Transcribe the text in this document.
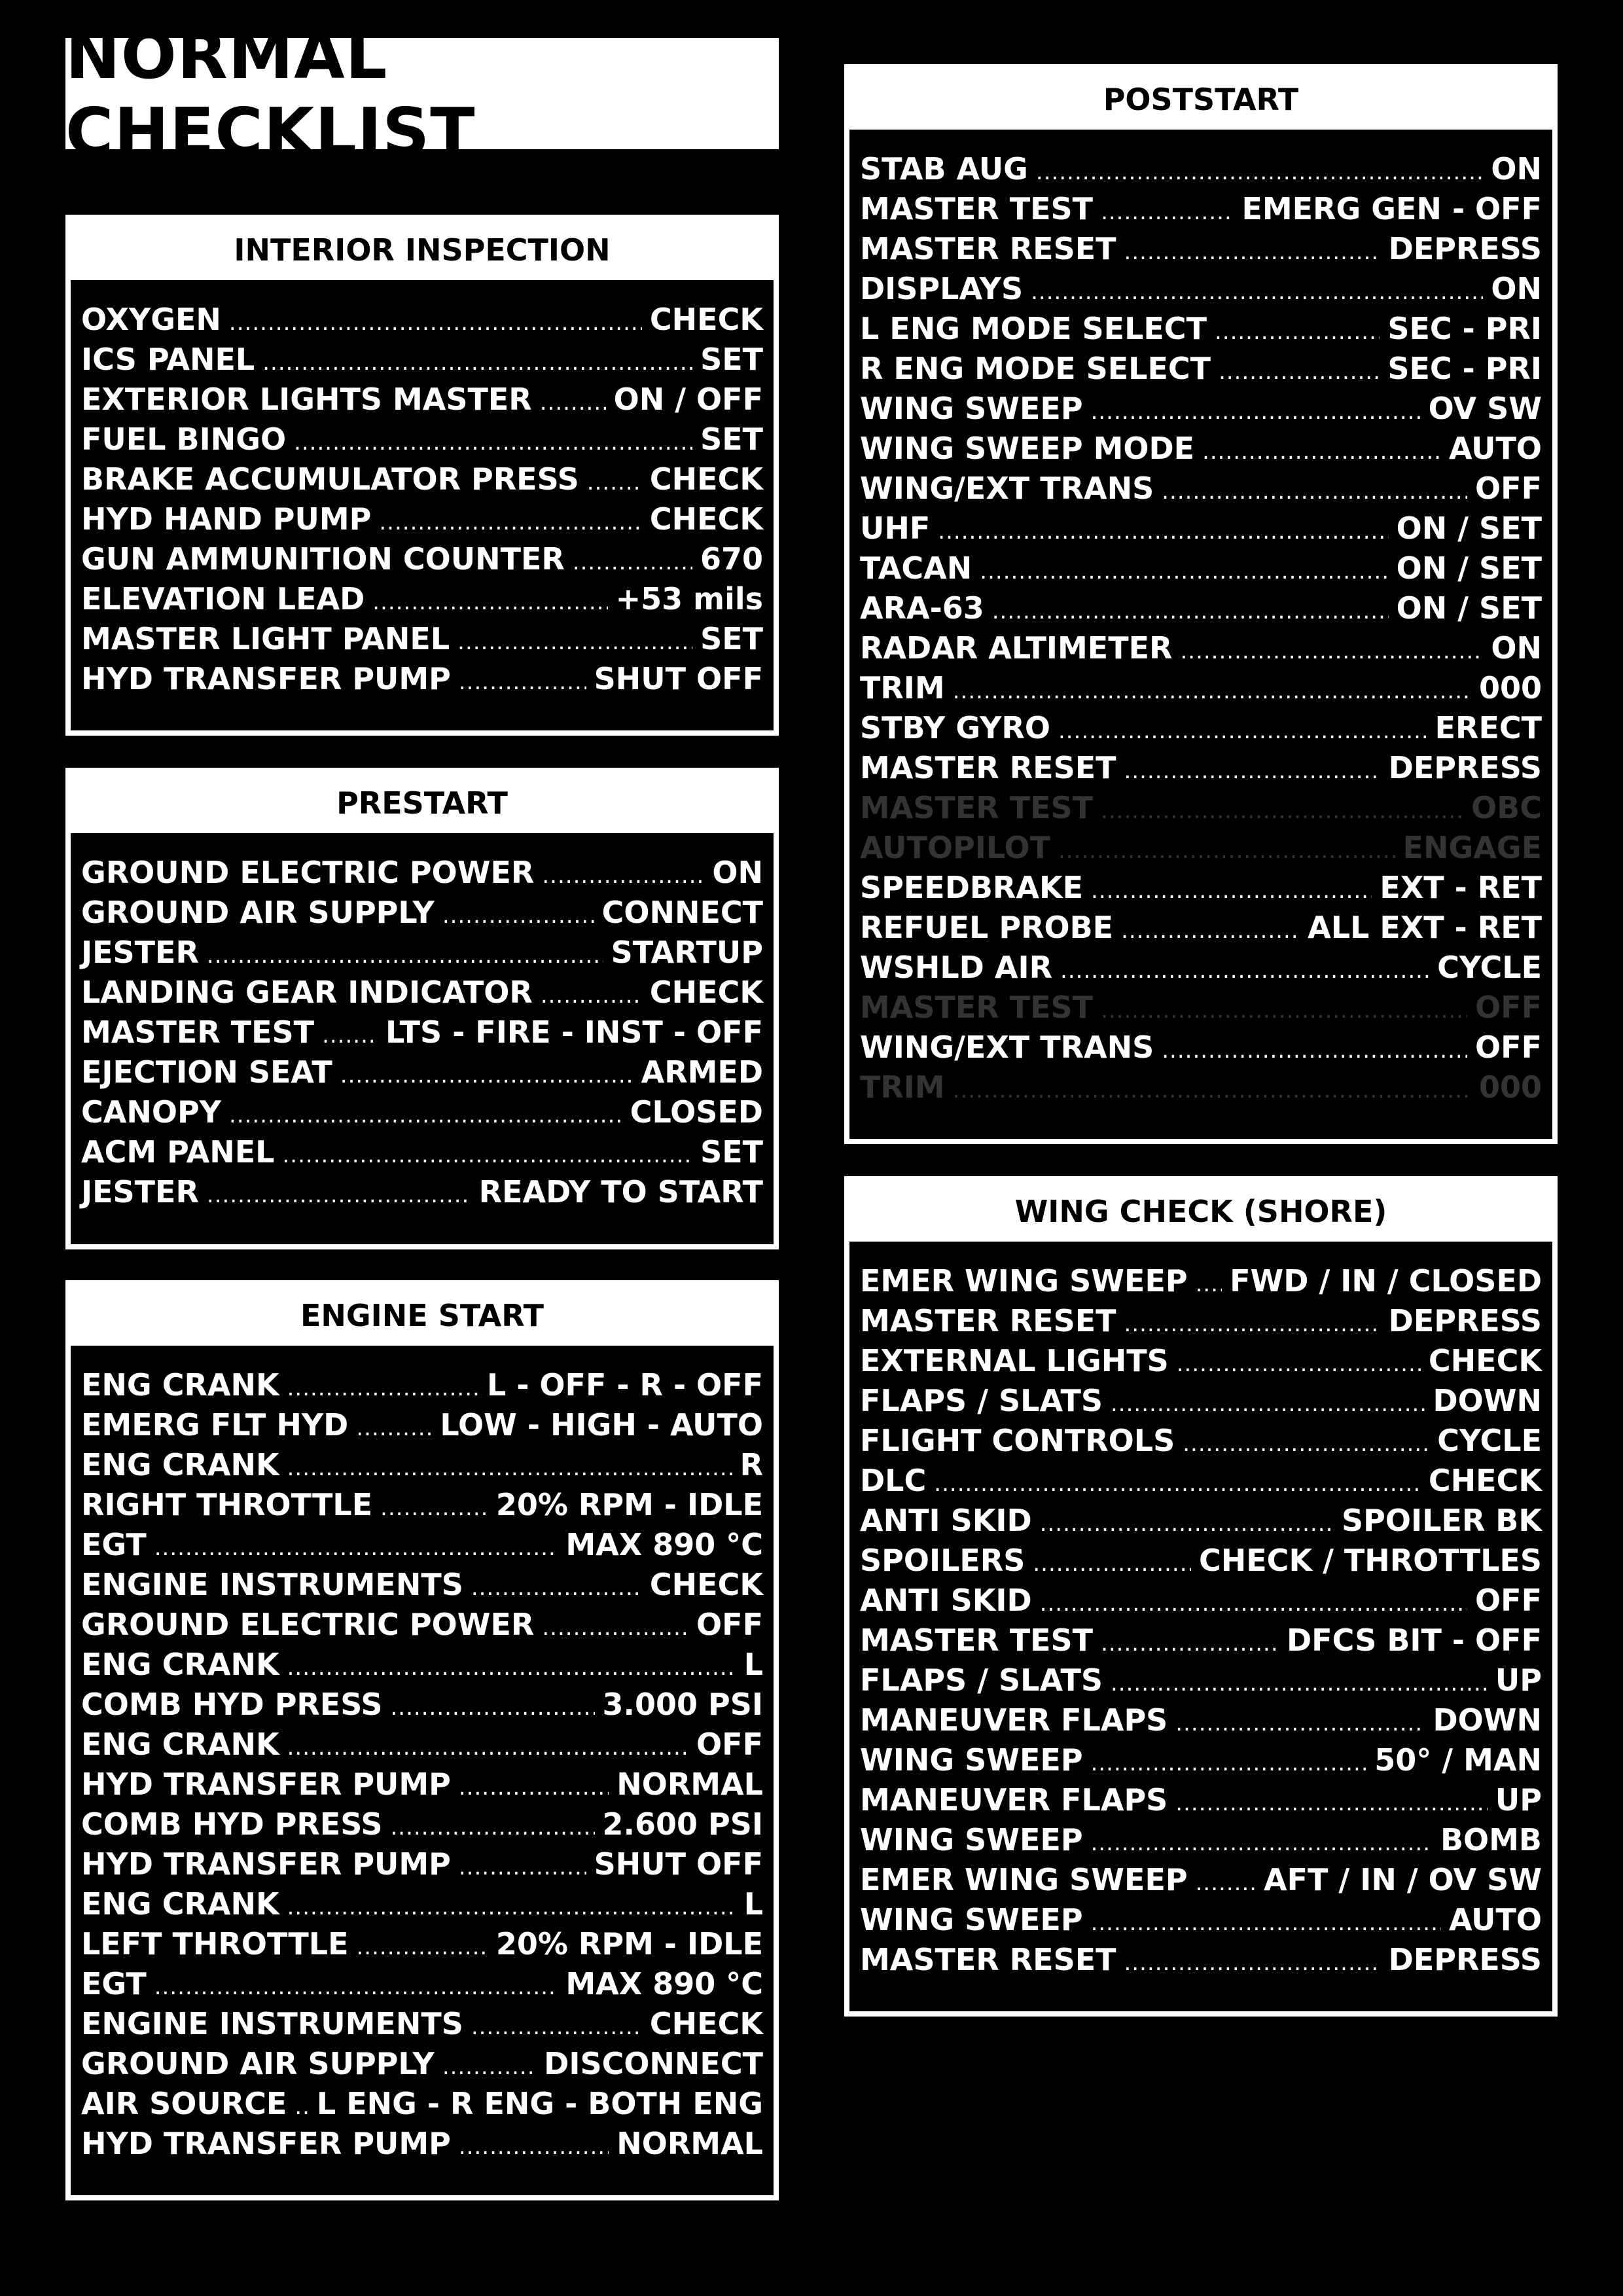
NORMAL CHECKLIST
INTERIOR INSPECTION
OXYGEN .....	CHECK
ICS PANEL .....	SET
EXTERIOR LIGHTS MASTER .....	ON / OFF
FUEL BINGO .....	SET
BRAKE ACCUMULATOR PRESS ..... CHECK
HYD HAND PUMP .....	CHECK
GUN AMMUNITION COUNTER .....	670
ELEVATION LEAD .....	+53 mils
MASTER LIGHT PANEL .....	SET
HYD TRANSFER PUMP .....	SHUT OFF
PRESTART
GROUND ELECTRIC POWER .....	ON
GROUND AIR SUPPLY .....	CONNECT
JESTER .....	STARTUP
LANDING GEAR INDICATOR .....	CHECK
MASTER TEST ..... LTS - FIRE - INST - OFF
EJECTION SEAT .....	ARMED
CANOPY .....	CLOSED
ACM PANEL .....	SET
JESTER .....	READY TO START
ENGINE START
ENG CRANK .....	L - OFF - R - OFF
EMERG FLT HYD .....	LOW - HIGH - AUTO
ENG CRANK .....	R
RIGHT THROTTLE .....	20% RPM - IDLE
EGT .....	MAX 890 °C
ENGINE INSTRUMENTS .....	CHECK
GROUND ELECTRIC POWER .....	OFF
ENG CRANK .....	L
COMB HYD PRESS .....	3.000 PSI
ENG CRANK .....	OFF
HYD TRANSFER PUMP .....	NORMAL
COMB HYD PRESS .....	2.600 PSI
HYD TRANSFER PUMP .....	SHUT OFF
ENG CRANK .....	L
LEFT THROTTLE .....	20% RPM - IDLE
EGT .....	MAX 890 °C
ENGINE INSTRUMENTS .....	CHECK
GROUND AIR SUPPLY .....	DISCONNECT
AIR SOURCE ..... L ENG - R ENG - BOTH ENG
HYD TRANSFER PUMP .....	NORMAL
POSTSTART
STAB AUG .....	ON
MASTER TEST .....	EMERG GEN - OFF
MASTER RESET .....	DEPRESS
DISPLAYS .....	ON
L ENG MODE SELECT .....	SEC - PRI
R ENG MODE SELECT .....	SEC - PRI
WING SWEEP .....	OV SW
WING SWEEP MODE .....	AUTO
WING/EXT TRANS .....	OFF
UHF .....	ON / SET
TACAN .....	ON / SET
ARA-63 .....	ON / SET
RADAR ALTIMETER .....	ON
TRIM .....	000
STBY GYRO .....	ERECT
MASTER RESET .....	DEPRESS
MASTER TEST .....	OBC
AUTOPILOT .....	ENGAGE
SPEEDBRAKE .....	EXT - RET
REFUEL PROBE .....	ALL EXT - RET
WSHLD AIR .....	CYCLE
MASTER TEST .....	OFF
WING/EXT TRANS .....	OFF
TRIM .....	000
WING CHECK (SHORE)
EMER WING SWEEP ..... FWD / IN / CLOSED
MASTER RESET .....	DEPRESS
EXTERNAL LIGHTS .....	CHECK
FLAPS / SLATS .....	DOWN
FLIGHT CONTROLS .....	CYCLE
DLC .....	CHECK
ANTI SKID .....	SPOILER BK
SPOILERS .....	CHECK / THROTTLES
ANTI SKID .....	OFF
MASTER TEST .....	DFCS BIT - OFF
FLAPS / SLATS .....	UP
MANEUVER FLAPS .....	DOWN
WING SWEEP .....	50° / MAN
MANEUVER FLAPS .....	UP
WING SWEEP .....	BOMB
EMER WING SWEEP .....	AFT / IN / OV SW
WING SWEEP .....	AUTO
MASTER RESET .....	DEPRESS
